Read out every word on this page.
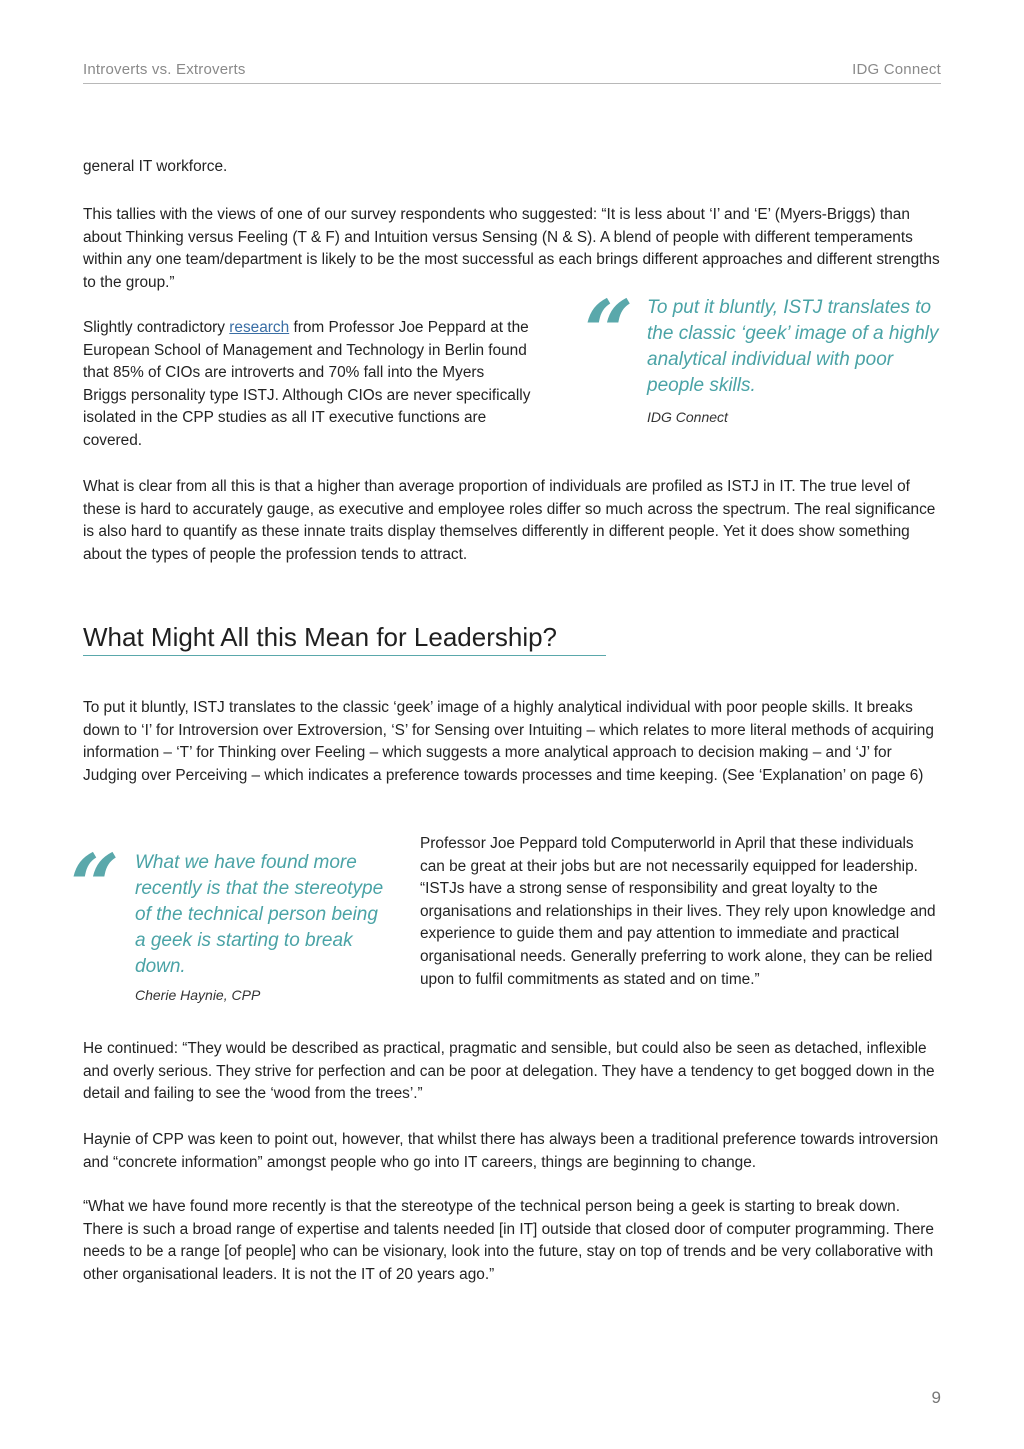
Introverts vs. Extroverts	IDG Connect

general IT workforce.

This tallies with the views of one of our survey respondents who suggested: “It is less about ‘I’ and ‘E’ (Myers-Briggs) than about Thinking versus Feeling (T & F) and Intuition versus Sensing (N & S). A blend of people with different temperaments within any one team/department is likely to be the most successful as each brings different approaches and different strengths to the group.”

Slightly contradictory research from Professor Joe Peppard at the European School of Management and Technology in Berlin found that 85% of CIOs are introverts and 70% fall into the Myers Briggs personality type ISTJ. Although CIOs are never specifically isolated in the CPP studies as all IT executive functions are covered.

“ To put it bluntly, ISTJ translates to the classic ‘geek’ image of a highly analytical individual with poor people skills.

IDG Connect

What is clear from all this is that a higher than average proportion of individuals are profiled as ISTJ in IT. The true level of these is hard to accurately gauge, as executive and employee roles differ so much across the spectrum. The real significance is also hard to quantify as these innate traits display themselves differently in different people. Yet it does show something about the types of people the profession tends to attract.

What Might All this Mean for Leadership?

To put it bluntly, ISTJ translates to the classic ‘geek’ image of a highly analytical individual with poor people skills. It breaks down to ‘I’ for Introversion over Extroversion, ‘S’ for Sensing over Intuiting – which relates to more literal methods of acquiring information – ‘T’ for Thinking over Feeling – which suggests a more analytical approach to decision making – and ‘J’ for Judging over Perceiving – which indicates a preference towards processes and time keeping. (See ‘Explanation’ on page 6)

“ What we have found more recently is that the stereotype of the technical person being a geek is starting to break down.

Cherie Haynie, CPP

Professor Joe Peppard told Computerworld in April that these individuals can be great at their jobs but are not necessarily equipped for leadership. “ISTJs have a strong sense of responsibility and great loyalty to the organisations and relationships in their lives. They rely upon knowledge and experience to guide them and pay attention to immediate and practical organisational needs. Generally preferring to work alone, they can be relied upon to fulfil commitments as stated and on time.”

He continued: “They would be described as practical, pragmatic and sensible, but could also be seen as detached, inflexible and overly serious. They strive for perfection and can be poor at delegation. They have a tendency to get bogged down in the detail and failing to see the ‘wood from the trees’.”

Haynie of CPP was keen to point out, however, that whilst there has always been a traditional preference towards introversion and “concrete information” amongst people who go into IT careers, things are beginning to change.

“What we have found more recently is that the stereotype of the technical person being a geek is starting to break down. There is such a broad range of expertise and talents needed [in IT] outside that closed door of computer programming. There needs to be a range [of people] who can be visionary, look into the future, stay on top of trends and be very collaborative with other organisational leaders. It is not the IT of 20 years ago.”

9
